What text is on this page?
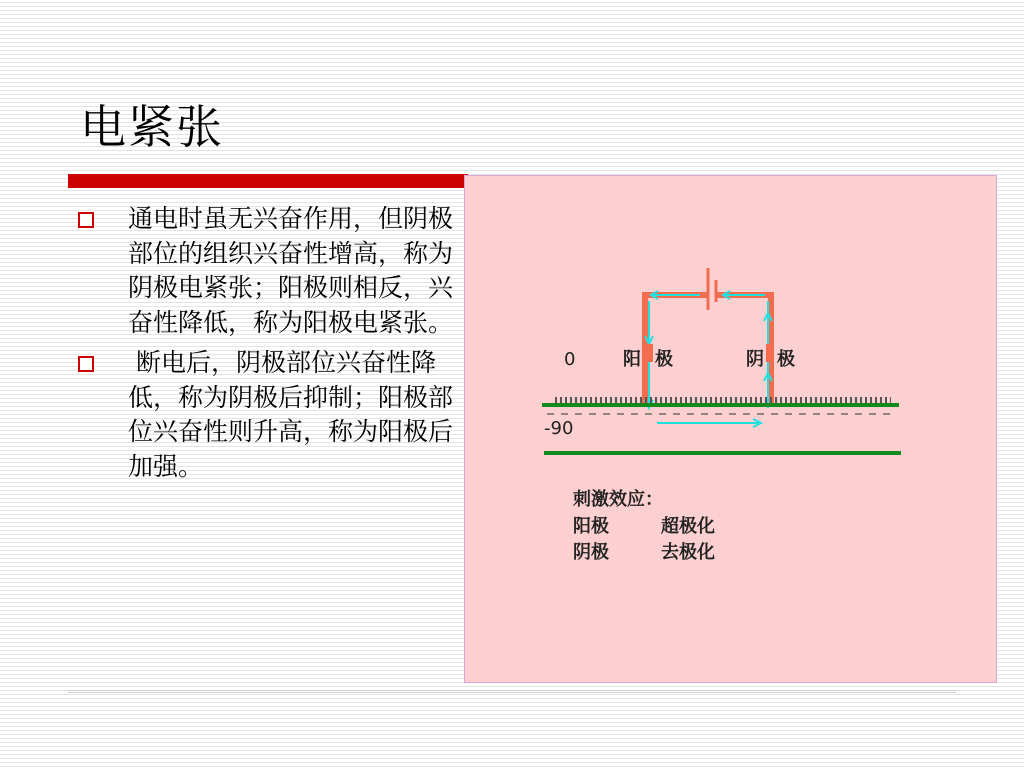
电紧张
通电时虽无兴奋作用，但阴极部位的组织兴奋性增高，称为阴极电紧张；阳极则相反，兴奋性降低，称为阳极电紧张。
断电后，阴极部位兴奋性降低，称为阴极后抑制；阳极部位兴奋性则升高，称为阳极后加强。
0
-90
阳 极	阴 极
刺激效应：
阳极	超极化
阴极	去极化
